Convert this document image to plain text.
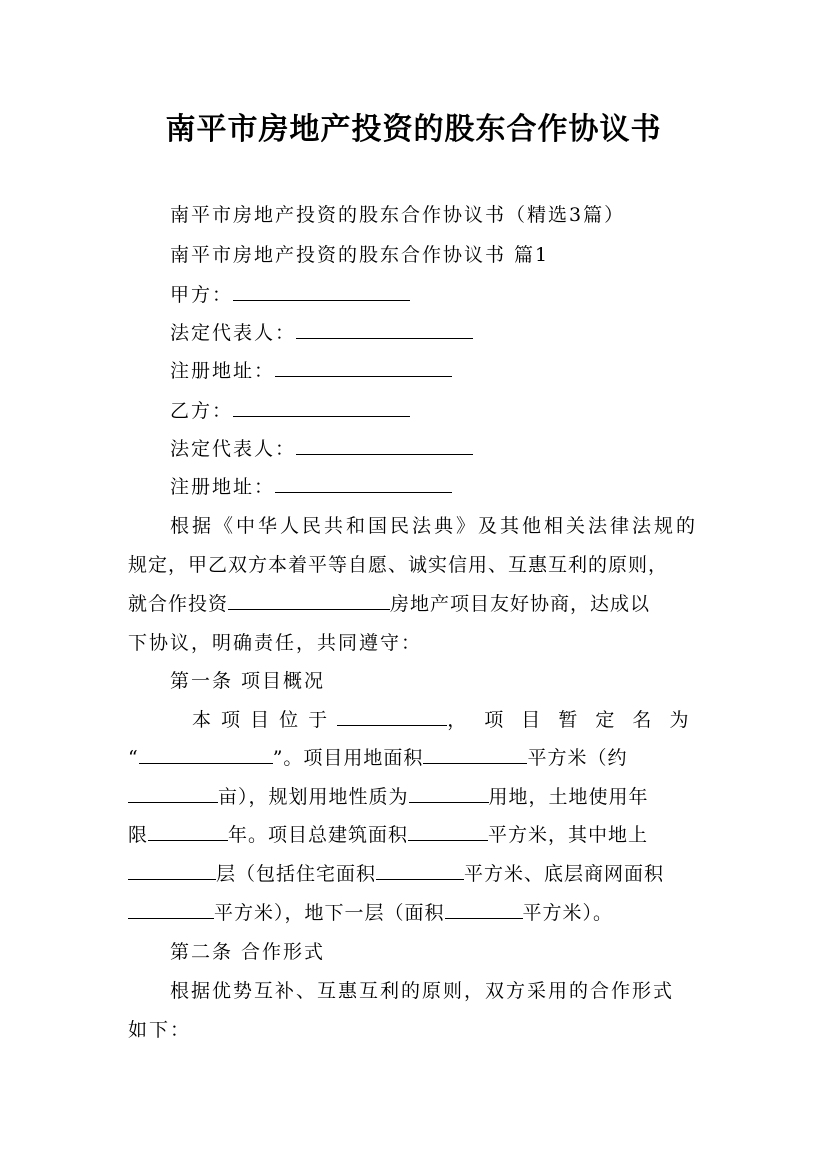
南平市房地产投资的股东合作协议书
南平市房地产投资的股东合作协议书（精选3篇）
南平市房地产投资的股东合作协议书 篇1
甲方：
法定代表人：
注册地址：
乙方：
法定代表人：
注册地址：
根据《中华人民共和国民法典》及其他相关法律法规的
规定，甲乙双方本着平等自愿、诚实信用、互惠互利的原则，
就合作投资	房地产项目友好协商，达成以
下协议，明确责任，共同遵守：
第一条 项目概况
本 项 目 位 于	， 项 目 暂 定 名 为
“	”。项目用地面积	平方米（约
亩），规划用地性质为	用地，土地使用年
限	年。项目总建筑面积	平方米，其中地上
层（包括住宅面积	平方米、底层商网面积
平方米），地下一层（面积	平方米）。
第二条 合作形式
根据优势互补、互惠互利的原则，双方采用的合作形式
如下：
